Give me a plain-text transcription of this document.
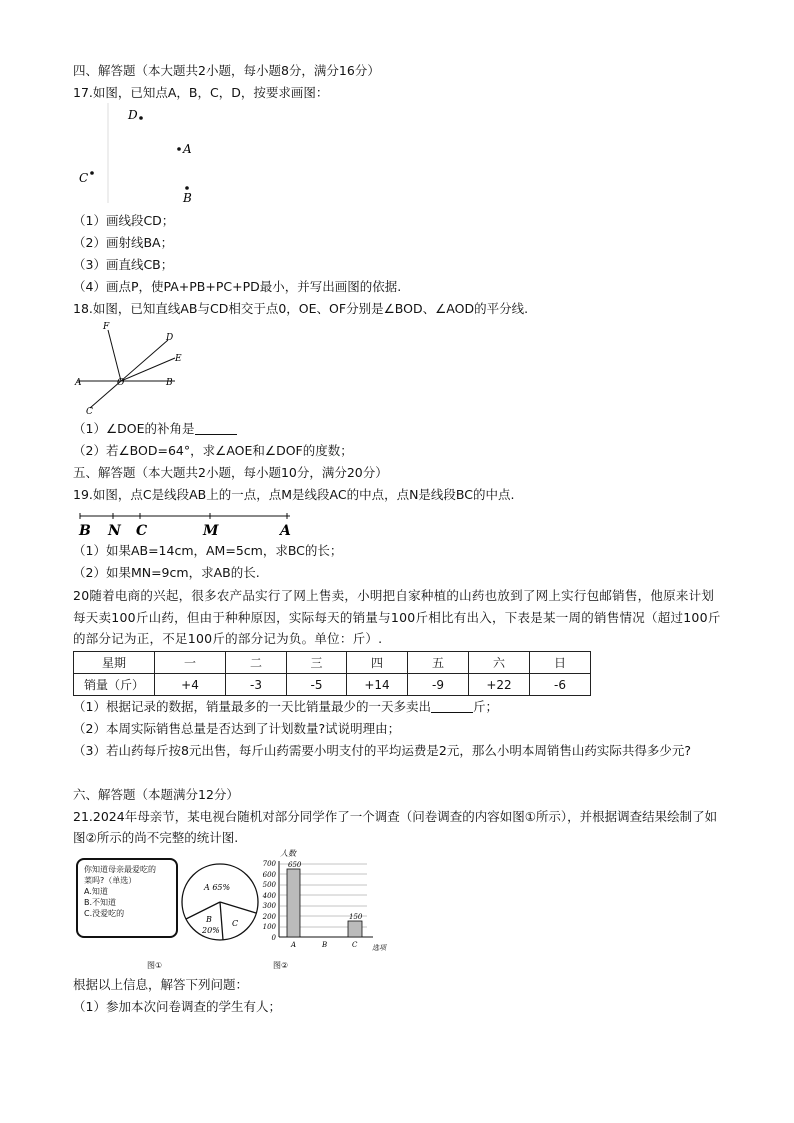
四、解答题（本大题共2小题，每小题8分，满分16分）
17.如图，已知点A，B，C，D，按要求画图：
D
A
C
B
（1）画线段CD；
（2）画射线BA；
（3）画直线CB；
（4）画点P，使PA+PB+PC+PD最小，并写出画图的依据.
18.如图，已知直线AB与CD相交于点0，OE、OF分别是∠BOD、∠AOD的平分线.
F
D
E
A	O	B
C
（1）∠DOE的补角是
（2）若∠BOD=64°，求∠AOE和∠DOF的度数；
五、解答题（本大题共2小题，每小题10分，满分20分）
19.如图，点C是线段AB上的一点，点M是线段AC的中点，点N是线段BC的中点.
B N C	M	A
（1）如果AB=14cm，AM=5cm，求BC的长；
（2）如果MN=9cm，求AB的长.
20随着电商的兴起，很多农产品实行了网上售卖，小明把自家种植的山药也放到了网上实行包邮销售，他原来计划每天卖100斤山药，但由于种种原因，实际每天的销量与100斤相比有出入，下表是某一周的销售情况（超过100斤的部分记为正，不足100斤的部分记为负。单位：斤）.
星期	一	二	三	四	五	六	日
销量（斤）	+4	-3	-5	+14	-9	+22	-6
（1）根据记录的数据，销量最多的一天比销量最少的一天多卖出	斤；
（2）本周实际销售总量是否达到了计划数量?试说明理由；
（3）若山药每斤按8元出售，每斤山药需要小明支付的平均运费是2元，那么小明本周销售山药实际共得多少元?
六、解答题（本题满分12分）
21.2024年母亲节，某电视台随机对部分同学作了一个调查（问卷调查的内容如图①所示），并根据调查结果绘制了如图②所示的尚不完整的统计图.
你知道母亲最爱吃的
菜吗?（单选）
A.知道
B.不知道
C.没爱吃的
A 65%
B
20%
C
人数
700
600
500
400
300
200
100
0
650
150
A	B	C 选项
图①	图②
根据以上信息，解答下列问题：
（1）参加本次问卷调查的学生有人；
